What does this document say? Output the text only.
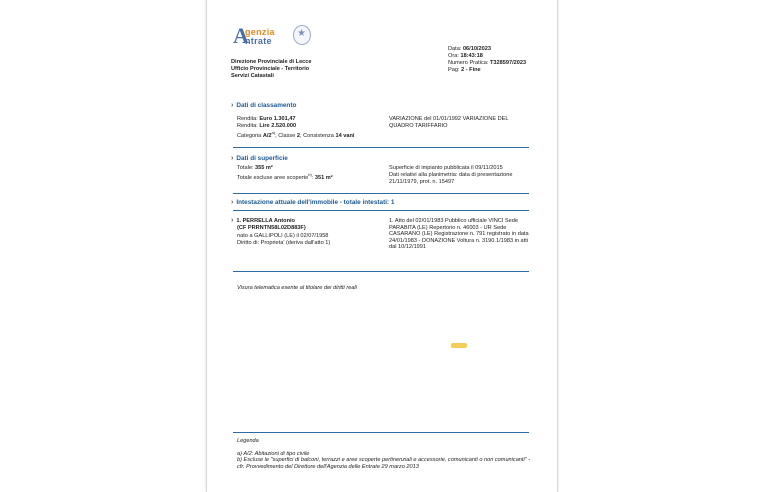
A
genzia
ntrate
★
Direzione Provinciale di Lecce
Ufficio Provinciale - Territorio
Servizi Catastali
Data: 06/10/2023
Ora: 18:43:18
Numero Pratica: T328597/2023
Pag: 2 - Fine
› Dati di classamento
Rendita: Euro 1.301,47
Rendita: Lire 2.520.000
Categoria A/2$^{a)}$, Classe 2, Consistenza 14 vani
VARIAZIONE del 01/01/1992 VARIAZIONE DEL QUADRO TARIFFARIO
› Dati di superficie
Totale: 355 m²
Totale escluse aree scoperte$^{b)}$: 351 m²
Superficie di impianto pubblicata il 09/11/2015
Dati relativi alla planimetria: data di presentazione 21/11/1979, prot. n. 15497
› Intestazione attuale dell'immobile - totale intestati: 1
› 1. PERRELLA Antonio
(CF PRRNTN58L02D883F)
nato a GALLIPOLI (LE) il 02/07/1958
Diritto di: Proprieta' (deriva dall'atto 1)
1. Atto del 02/01/1983 Pubblico ufficiale VINCI Sede PARABITA (LE) Repertorio n. 46003 - UR Sede CASARANO (LE) Registrazione n. 791 registrato in data 24/01/1983 - DONAZIONE Voltura n. 3190.1/1983 in atti dal 10/12/1991
Visura telematica esente al titolare dei diritti reali
Legenda
a) A/2: Abitazioni di tipo civile
b) Escluse le "superfici di balconi, terrazzi e aree scoperte pertinenziali e accessorie, comunicanti o non comunicanti" - cfr. Provvedimento del Direttore dell'Agenzia delle Entrate 29 marzo 2013
